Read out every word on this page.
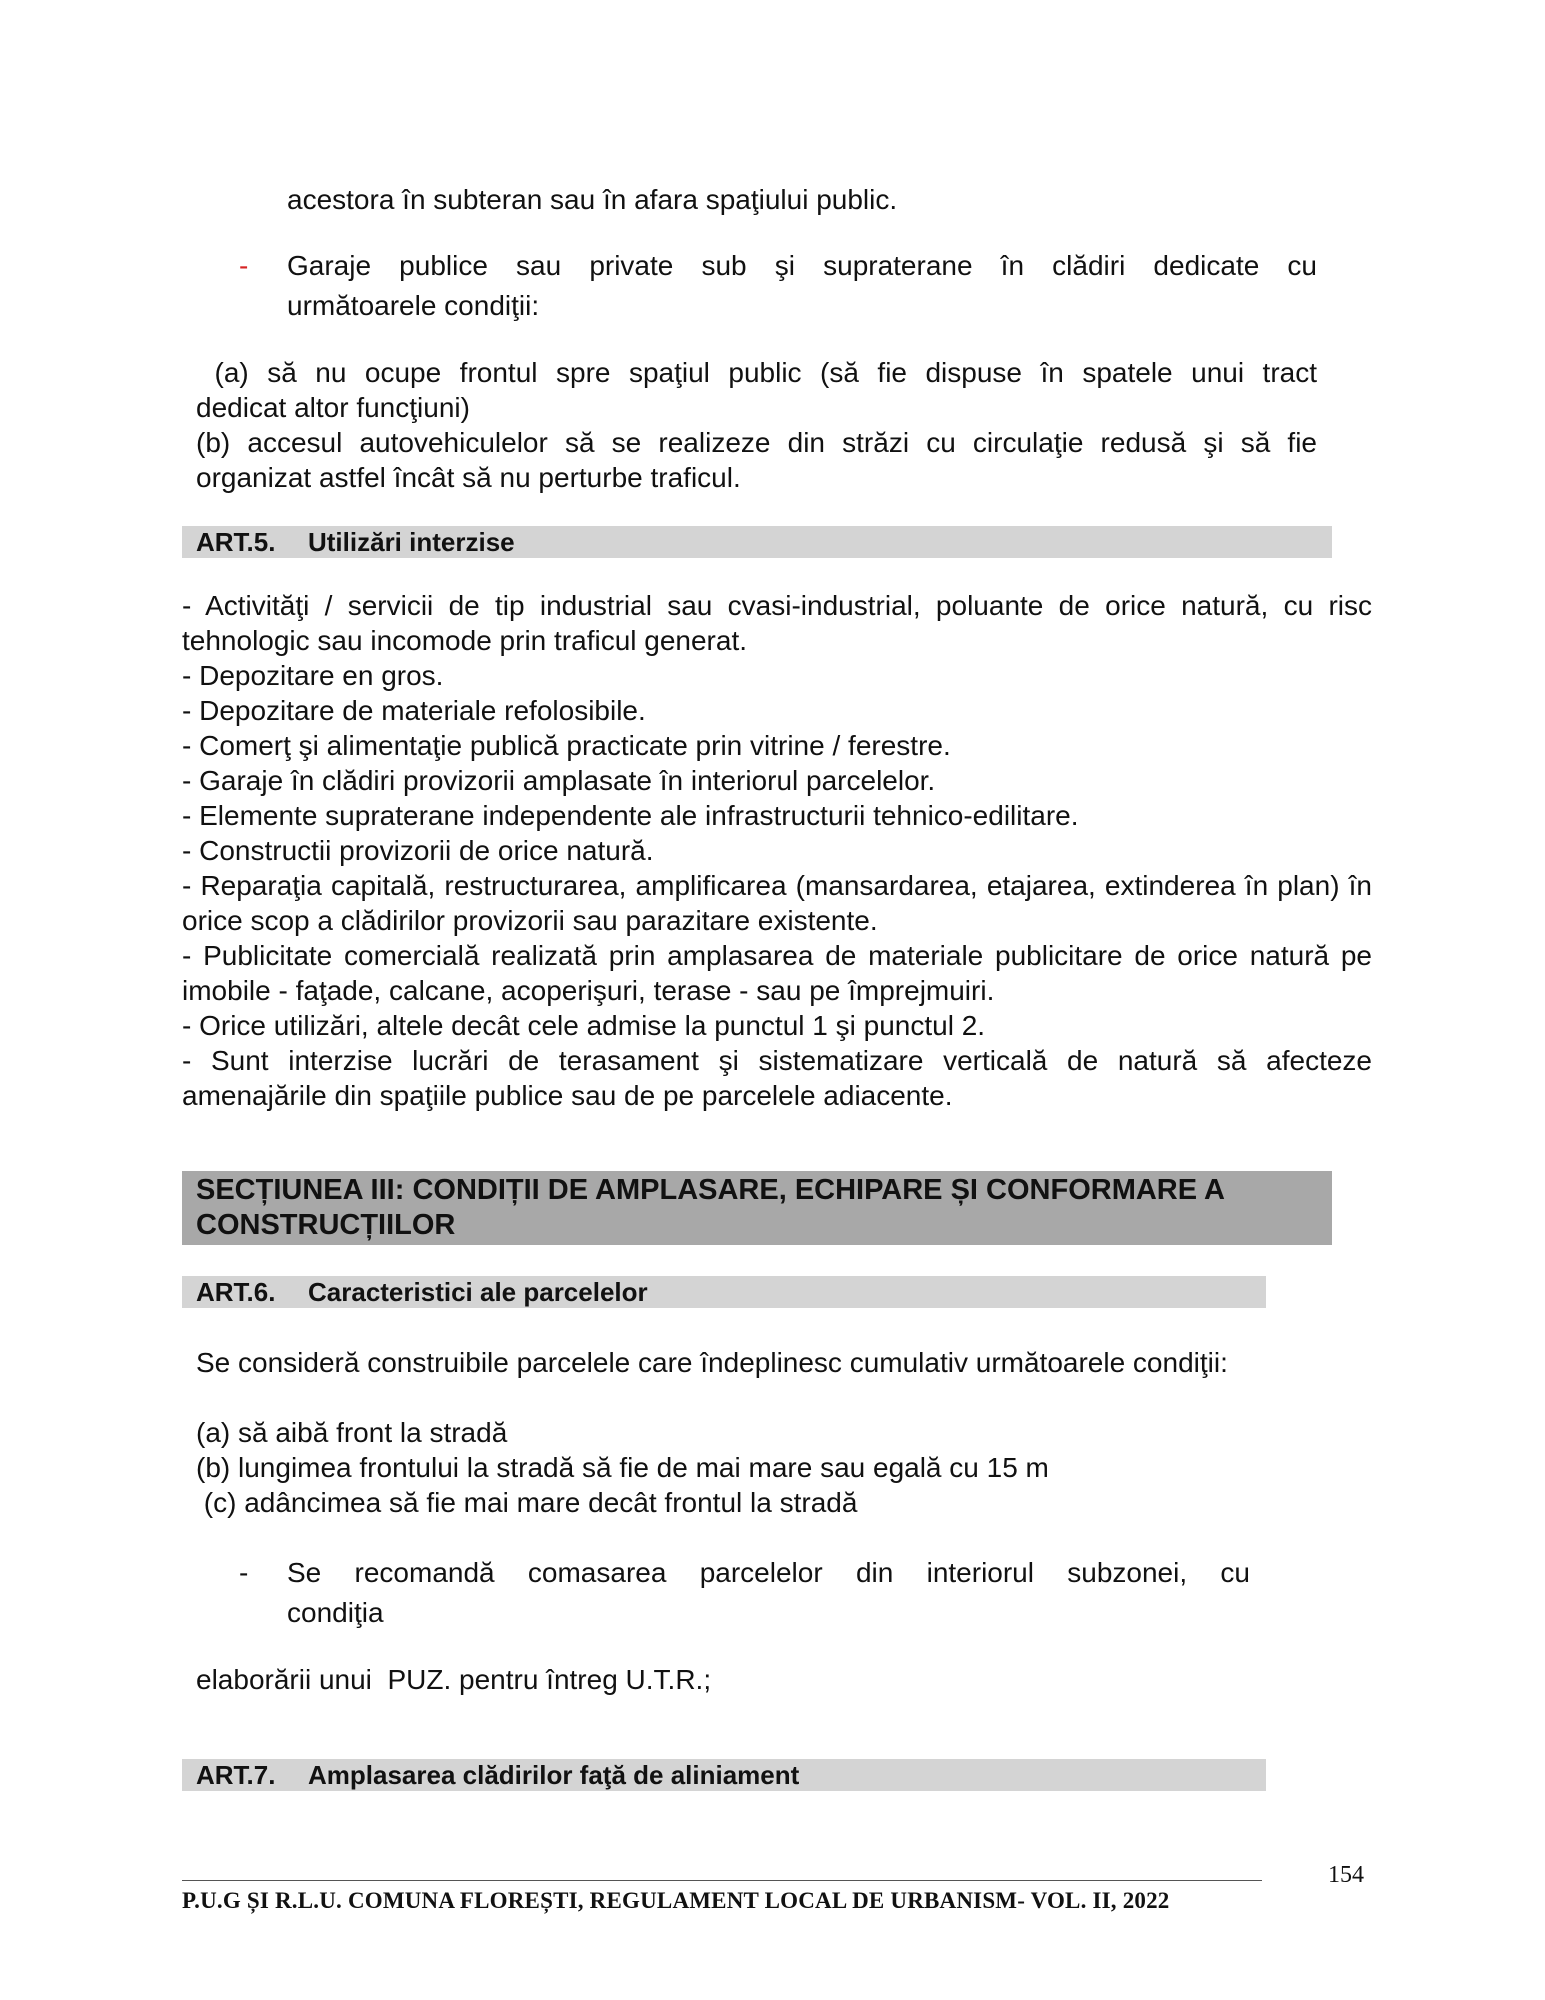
acestora în subteran sau în afara spaţiului public.

- Garaje publice sau private sub şi supraterane în clădiri dedicate cu

următoarele condiţii:

(a) să nu ocupe frontul spre spaţiul public (să fie dispuse în spatele unui tract

dedicat altor funcţiuni)

(b) accesul autovehiculelor să se realizeze din străzi cu circulaţie redusă şi să fie

organizat astfel încât să nu perturbe traficul.

ART.5. Utilizări interzise
- Activităţi / servicii de tip industrial sau cvasi-industrial, poluante de orice natură, cu risc tehnologic sau incomode prin traficul generat.
- Depozitare en gros.
- Depozitare de materiale refolosibile.
- Comerţ şi alimentaţie publică practicate prin vitrine / ferestre.
- Garaje în clădiri provizorii amplasate în interiorul parcelelor.
- Elemente supraterane independente ale infrastructurii tehnico-edilitare.
- Constructii provizorii de orice natură.
- Reparaţia capitală, restructurarea, amplificarea (mansardarea, etajarea, extinderea în plan) în orice scop a clădirilor provizorii sau parazitare existente.
- Publicitate comercială realizată prin amplasarea de materiale publicitare de orice natură pe imobile - faţade, calcane, acoperişuri, terase - sau pe împrejmuiri.
- Orice utilizări, altele decât cele admise la punctul 1 şi punctul 2.
- Sunt interzise lucrări de terasament şi sistematizare verticală de natură să afecteze amenajările din spaţiile publice sau de pe parcelele adiacente.
SECȚIUNEA III: CONDIȚII DE AMPLASARE, ECHIPARE ȘI CONFORMARE A
CONSTRUCȚIILOR
ART.6. Caracteristici ale parcelelor

Se consideră construibile parcelele care îndeplinesc cumulativ următoarele condiţii:

(a) să aibă front la stradă

(b) lungimea frontului la stradă să fie de mai mare sau egală cu 15 m

(c) adâncimea să fie mai mare decât frontul la stradă

- Se recomandă comasarea parcelelor din interiorul subzonei, cu

condiţia

elaborării unui  PUZ. pentru întreg U.T.R.;

ART.7. Amplasarea clădirilor faţă de aliniament
154
P.U.G ȘI R.L.U. COMUNA FLOREȘTI, REGULAMENT LOCAL DE URBANISM- VOL. II, 2022
